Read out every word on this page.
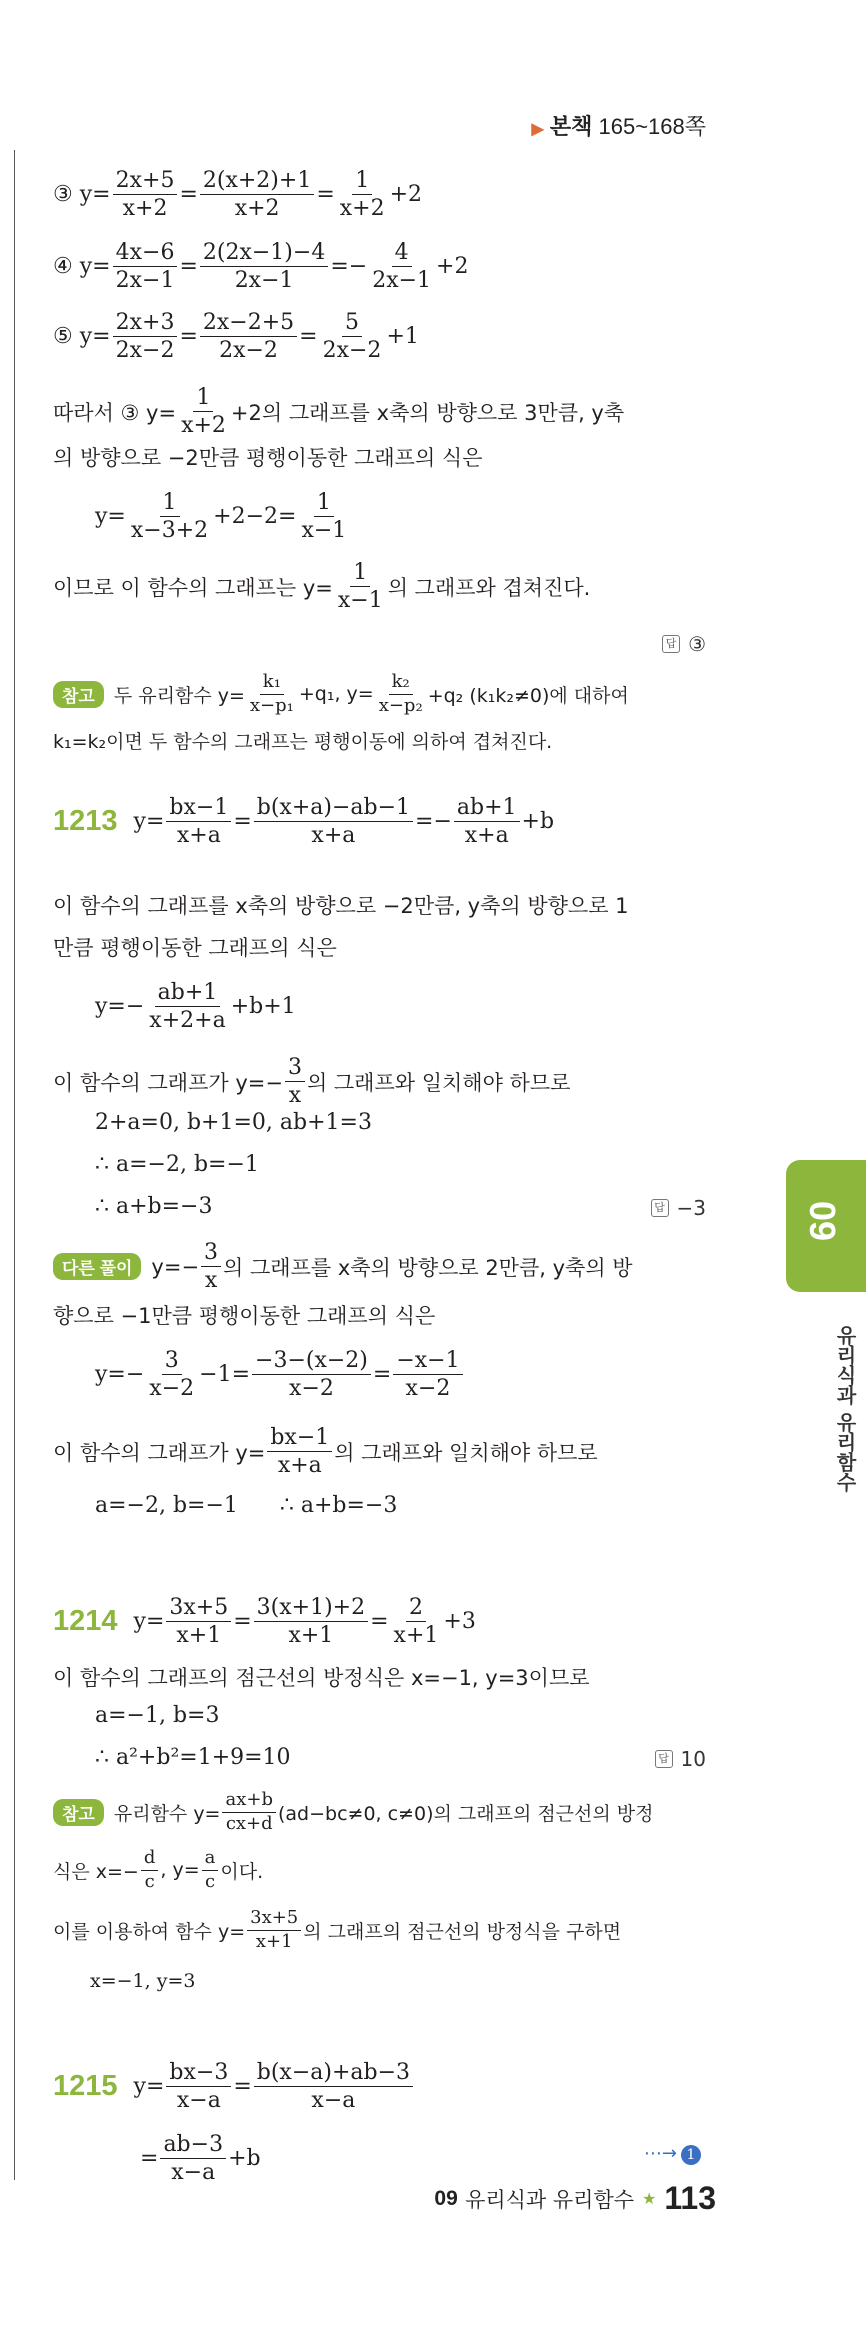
▶ 본책 165~168쪽
③
$y= \frac{2x+5}{x+2} = \frac{2(x+2)+1}{x+2} = \frac{1}{x+2} +2$
④
$y= \frac{4x-6}{2x-1} = \frac{2(2x-1)-4}{2x-1} =- \frac{4}{2x-1} +2$
⑤
$y= \frac{2x+3}{2x-2} = \frac{2x-2+5}{2x-2} = \frac{5}{2x-2} +1$
따라서 ③ $y= \frac{1}{x+2} +2$의 그래프를 x축의 방향으로 3만큼, y축
의 방향으로 −2만큼 평행이동한 그래프의 식은
$y= \frac{1}{x-3+2} +2-2= \frac{1}{x-1}$
이므로 이 함수의 그래프는 $y= \frac{1}{x-1}$ 의 그래프와 겹쳐진다.
답 ③
참고	두 유리함수 $y= \frac{\text{k₁}}{\text{x−p₁}} +q_1$, $y= \frac{\text{k₂}}{\text{x−p₂}} +q_2$ (k₁k₂≠0)에 대하여
k₁=k₂이면 두 함수의 그래프는 평행이동에 의하여 겹쳐진다.
1213 $y= \frac{bx-1}{x+a} = \frac{b(x+a)-ab-1}{x+a} =- \frac{ab+1}{x+a} +b$
이 함수의 그래프를 x축의 방향으로 −2만큼, y축의 방향으로 1
만큼 평행이동한 그래프의 식은
$y=- \frac{ab+1}{x+2+a} +b+1$
이 함수의 그래프가 $y=- \frac{3}{x}$ 의 그래프와 일치해야 하므로
2+a=0, b+1=0, ab+1=3
∴ a=−2, b=−1
∴ a+b=−3	답 −3
다른 풀이 $y=- \frac{3}{x}$ 의 그래프를 x축의 방향으로 2만큼, y축의 방
향으로 −1만큼 평행이동한 그래프의 식은
$y=- \frac{3}{x-2} -1= \frac{-3-(x-2)}{x-2} = \frac{-x-1}{x-2}$
이 함수의 그래프가 $y= \frac{bx-1}{x+a}$ 의 그래프와 일치해야 하므로
a=−2, b=−1      ∴ a+b=−3
1214 $y= \frac{3x+5}{x+1} = \frac{3(x+1)+2}{x+1} = \frac{2}{x+1} +3$
이 함수의 그래프의 점근선의 방정식은 x=−1, y=3이므로
a=−1, b=3
∴ a²+b²=1+9=10	답 10
참고	유리함수 $y= \frac{ax+b}{cx+d} (ad-bc\ne 0$, c≠0)의 그래프의 점근선의 방정
식은 $x=- \frac{d}{c}$ , $y= \frac{a}{c}$ 이다.
이를 이용하여 함수 $y= \frac{3x+5}{x+1}$ 의 그래프의 점근선의 방정식을 구하면
x=−1, y=3
1215 $y= \frac{bx-3}{x-a} = \frac{b(x-a)+ab-3}{x-a}$
= $\frac{ab-3}{x-a} +b$	⋯→ 1
09
유리식과 유리함수
09
유리식과 유리함수 ★ 113
